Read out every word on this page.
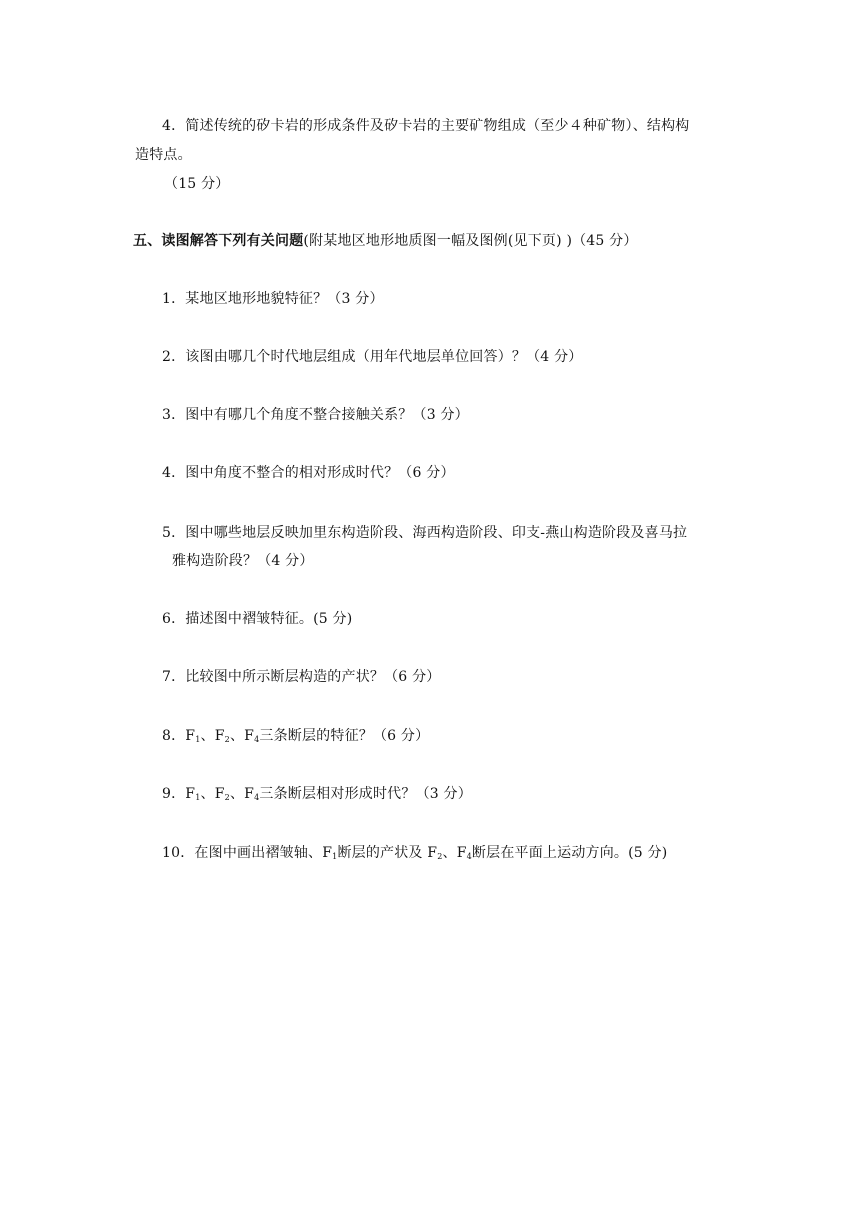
4．简述传统的矽卡岩的形成条件及矽卡岩的主要矿物组成（至少４种矿物）、结构构
造特点。
（15 分）
五、读图解答下列有关问题(附某地区地形地质图一幅及图例(见下页) )（45 分）
1．某地区地形地貌特征？（3 分）
2．该图由哪几个时代地层组成（用年代地层单位回答）？（4 分）
3．图中有哪几个角度不整合接触关系？（3 分）
4．图中角度不整合的相对形成时代？（6 分）
5．图中哪些地层反映加里东构造阶段、海西构造阶段、印支-燕山构造阶段及喜马拉
雅构造阶段？（4 分）
6．描述图中褶皱特征。(5 分)
7．比较图中所示断层构造的产状？（6 分）
8．$F_1$、$F_2$、$F_4$三条断层的特征？（6 分）
9．$F_1$、$F_2$、$F_4$三条断层相对形成时代？（3 分）
10．在图中画出褶皱轴、$F_1$断层的产状及 $F_2$、$F_4$断层在平面上运动方向。(5 分)
